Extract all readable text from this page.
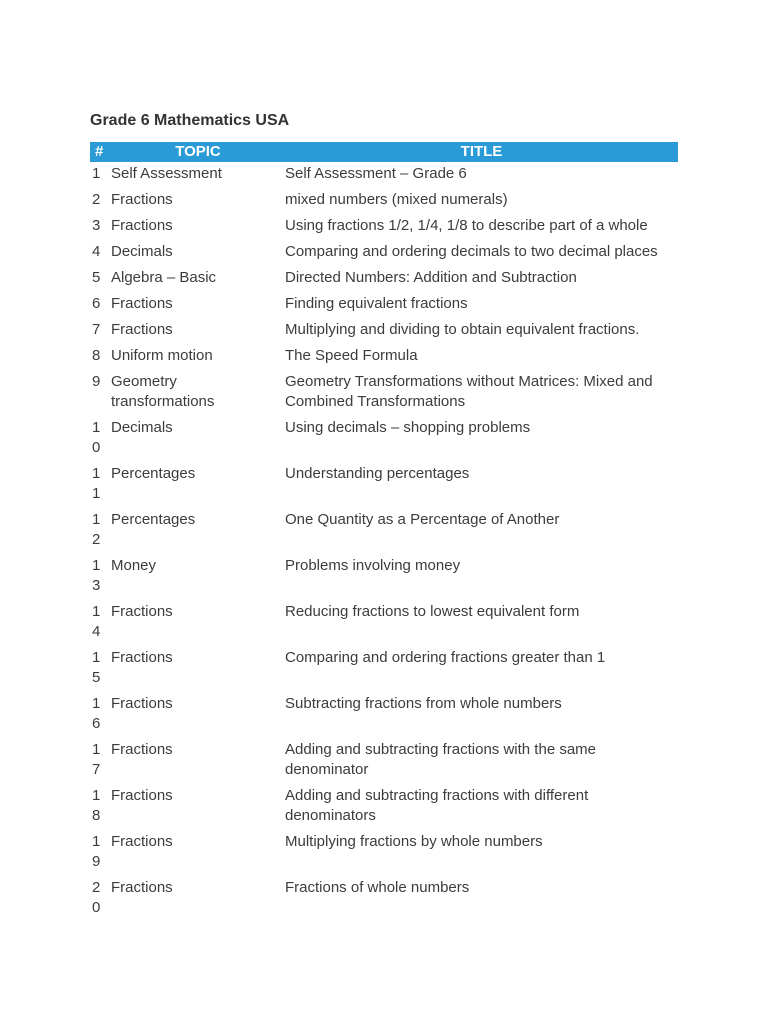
Grade 6 Mathematics USA
#	TOPIC	TITLE

1	Self Assessment	Self Assessment – Grade 6

2	Fractions	mixed numbers (mixed numerals)

3	Fractions	Using fractions 1/2, 1/4, 1/8 to describe part of a whole

4	Decimals	Comparing and ordering decimals to two decimal places

5	Algebra – Basic	Directed Numbers: Addition and Subtraction

6	Fractions	Finding equivalent fractions

7	Fractions	Multiplying and dividing to obtain equivalent fractions.

8	Uniform motion	The Speed Formula

9	Geometry transformations	Geometry Transformations without Matrices: Mixed and Combined Transformations

10	Decimals	Using decimals – shopping problems

11	Percentages	Understanding percentages

12	Percentages	One Quantity as a Percentage of Another

13	Money	Problems involving money

14	Fractions	Reducing fractions to lowest equivalent form

15	Fractions	Comparing and ordering fractions greater than 1

16	Fractions	Subtracting fractions from whole numbers

17	Fractions	Adding and subtracting fractions with the same denominator

18	Fractions	Adding and subtracting fractions with different denominators

19	Fractions	Multiplying fractions by whole numbers

20	Fractions	Fractions of whole numbers
